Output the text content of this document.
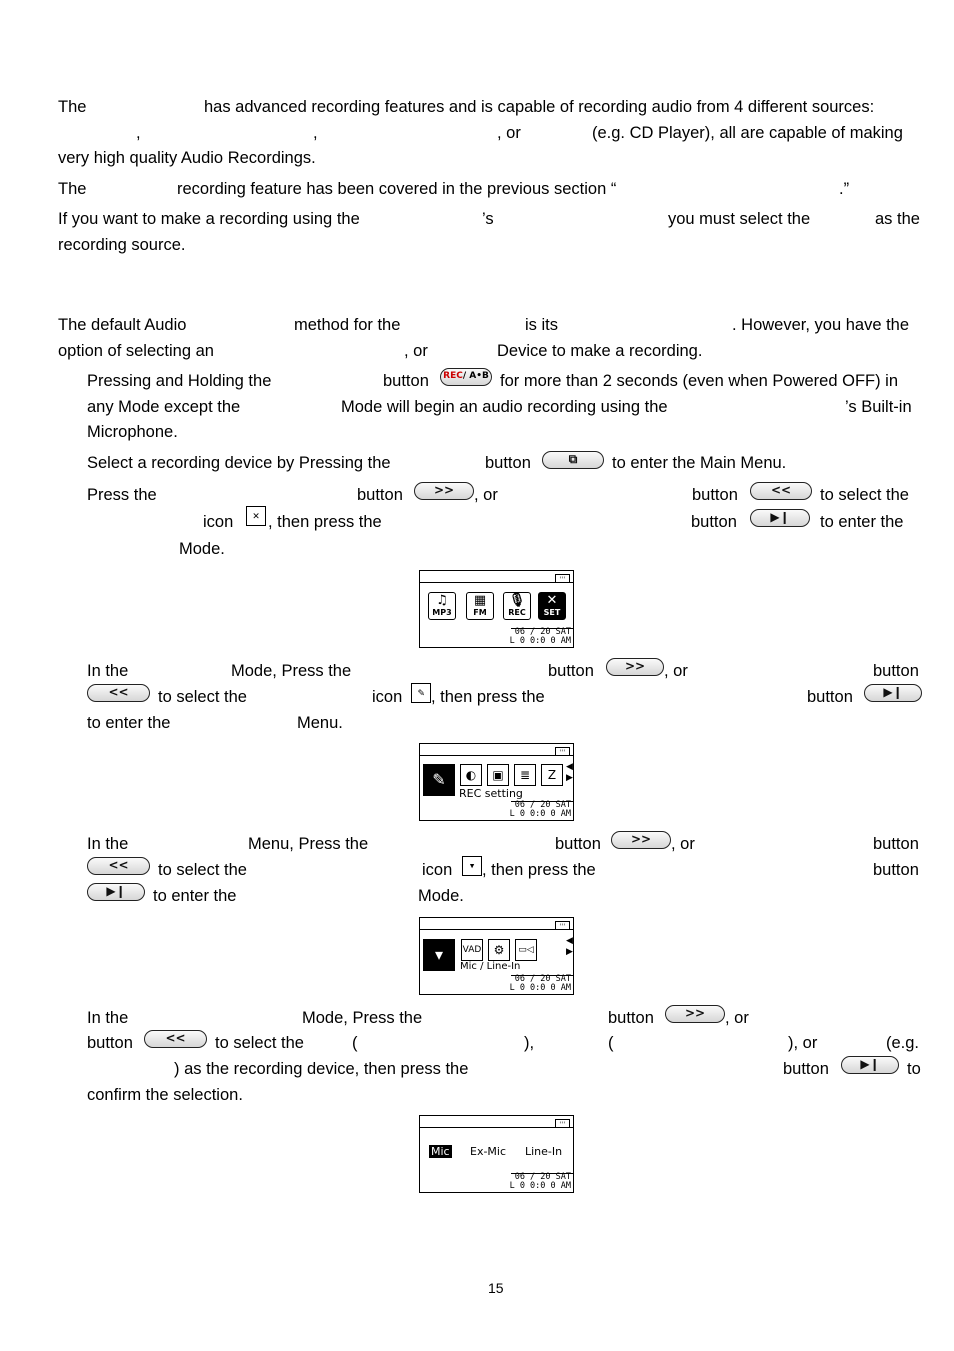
The	has advanced recording features and is capable of recording audio from 4 different sources:
,	,	, or	(e.g. CD Player), all are capable of making
very high quality Audio Recordings.
The	recording feature has been covered in the previous section “	.”
If you want to make a recording using the	’s	you must select the	as the
recording source.
The default Audio	method for the	is its	. However, you have the
option of selecting an	, or	Device to make a recording.
Pressing and Holding the	button	REC/ A•B for more than 2 seconds (even when Powered OFF) in
any Mode except the	Mode will begin an audio recording using the	’s Built-in
Microphone.
Select a recording device by Pressing the	button	⧉	to enter the Main Menu.
Press the	button	>>	, or	button	<<	to select the
icon	✕ , then press the	button	▶❙	to enter the
Mode.
‹‹‹
♫
MP3
▦
FM
🎙
REC
✕
SET
06 / 20 SAT
L 0 0:0 0 AM
In the	Mode, Press the	button	>>	, or	button
<<	to select the	icon	✎ , then press the	button	▶❙
to enter the	Menu.
‹‹‹
✎	◐	▣	≣	Z
◀
▶
REC setting
06 / 20 SAT
L 0 0:0 0 AM
In the	Menu, Press the	button	>>	, or	button
<<	to select the	icon	▾ , then press the	button
▶❙	to enter the	Mode.
‹‹‹
▾	VAD	⚙	▭◁
◀
▶
Mic / Line-In
06 / 20 SAT
L 0 0:0 0 AM
In the	Mode, Press the	button	>>	, or
button	<<	to select the	(	),	(	), or	(e.g.
) as the recording device, then press the	button	▶❙	to
confirm the selection.
‹‹‹
Mic Ex-Mic Line-In
06 / 20 SAT
L 0 0:0 0 AM
15
